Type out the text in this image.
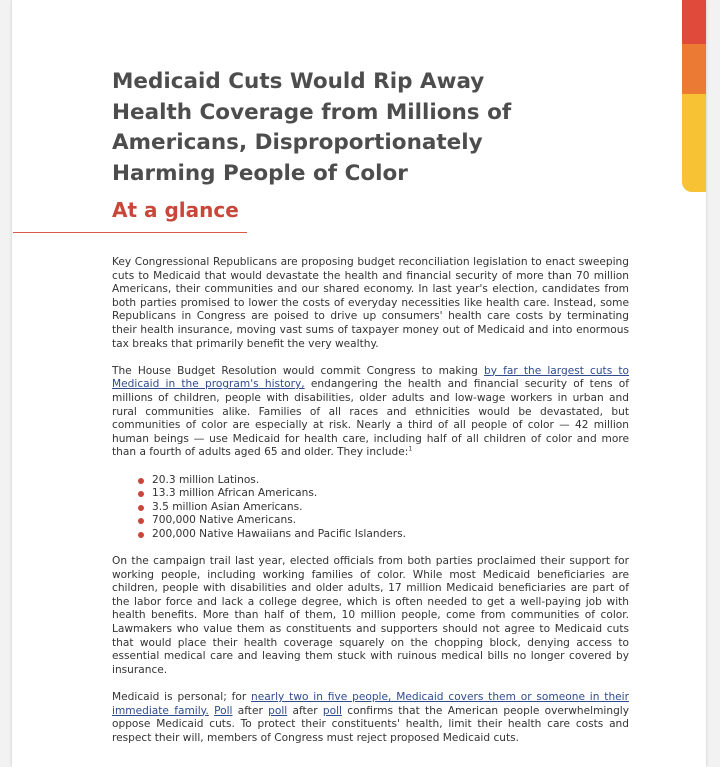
Medicaid Cuts Would Rip Away Health Coverage from Millions of Americans, Disproportionately Harming People of Color
At a glance

Key Congressional Republicans are proposing budget reconciliation legislation to enact sweeping cuts to Medicaid that would devastate the health and financial security of more than 70 million Americans, their communities and our shared economy. In last year's election, candidates from both parties promised to lower the costs of everyday necessities like health care. Instead, some Republicans in Congress are poised to drive up consumers' health care costs by terminating their health insurance, moving vast sums of taxpayer money out of Medicaid and into enormous tax breaks that primarily benefit the very wealthy.

The House Budget Resolution would commit Congress to making by far the largest cuts to Medicaid in the program's history, endangering the health and financial security of tens of millions of children, people with disabilities, older adults and low-wage workers in urban and rural communities alike. Families of all races and ethnicities would be devastated, but communities of color are especially at risk. Nearly a third of all people of color — 42 million human beings — use Medicaid for health care, including half of all children of color and more than a fourth of adults aged 65 and older. They include:$^1$

20.3 million Latinos.
13.3 million African Americans.
3.5 million Asian Americans.
700,000 Native Americans.
200,000 Native Hawaiians and Pacific Islanders.

On the campaign trail last year, elected officials from both parties proclaimed their support for working people, including working families of color. While most Medicaid beneficiaries are children, people with disabilities and older adults, 17 million Medicaid beneficiaries are part of the labor force and lack a college degree, which is often needed to get a well-paying job with health benefits. More than half of them, 10 million people, come from communities of color. Lawmakers who value them as constituents and supporters should not agree to Medicaid cuts that would place their health coverage squarely on the chopping block, denying access to essential medical care and leaving them stuck with ruinous medical bills no longer covered by insurance.

Medicaid is personal; for nearly two in five people, Medicaid covers them or someone in their immediate family. Poll after poll after poll confirms that the American people overwhelmingly oppose Medicaid cuts. To protect their constituents' health, limit their health care costs and respect their will, members of Congress must reject proposed Medicaid cuts.
